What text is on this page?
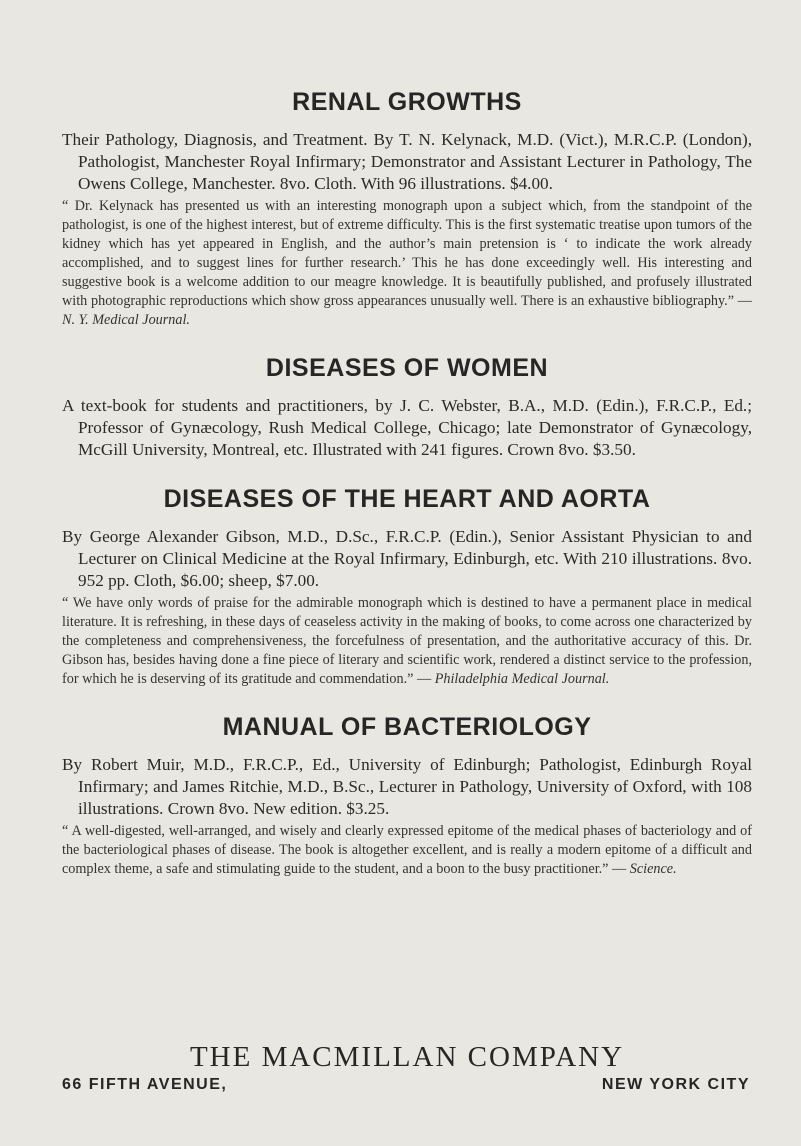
RENAL GROWTHS

Their Pathology, Diagnosis, and Treatment. By T. N. Kelynack, M.D. (Vict.), M.R.C.P. (London), Pathologist, Manchester Royal Infirmary; Demonstrator and Assistant Lecturer in Pathology, The Owens College, Manchester. 8vo. Cloth. With 96 illustrations. $4.00.

“ Dr. Kelynack has presented us with an interesting monograph upon a subject which, from the standpoint of the pathologist, is one of the highest interest, but of extreme difficulty. This is the first systematic treatise upon tumors of the kidney which has yet appeared in English, and the author’s main pretension is ‘ to indicate the work already accomplished, and to suggest lines for further research.’ This he has done exceedingly well. His interesting and suggestive book is a welcome addition to our meagre knowledge. It is beautifully published, and profusely illustrated with photographic reproductions which show gross appearances unusually well. There is an exhaustive bibliography.” — N. Y. Medical Journal.

DISEASES OF WOMEN

A text-book for students and practitioners, by J. C. Webster, B.A., M.D. (Edin.), F.R.C.P., Ed.; Professor of Gynæcology, Rush Medical College, Chicago; late Demonstrator of Gynæcology, McGill University, Montreal, etc. Illustrated with 241 figures. Crown 8vo. $3.50.

DISEASES OF THE HEART AND AORTA

By George Alexander Gibson, M.D., D.Sc., F.R.C.P. (Edin.), Senior Assistant Physician to and Lecturer on Clinical Medicine at the Royal Infirmary, Edinburgh, etc. With 210 illustrations. 8vo. 952 pp. Cloth, $6.00; sheep, $7.00.

“ We have only words of praise for the admirable monograph which is destined to have a permanent place in medical literature. It is refreshing, in these days of ceaseless activity in the making of books, to come across one characterized by the completeness and comprehensiveness, the forcefulness of presentation, and the authoritative accuracy of this. Dr. Gibson has, besides having done a fine piece of literary and scientific work, rendered a distinct service to the profession, for which he is deserving of its gratitude and commendation.” — Philadelphia Medical Journal.

MANUAL OF BACTERIOLOGY

By Robert Muir, M.D., F.R.C.P., Ed., University of Edinburgh; Pathologist, Edinburgh Royal Infirmary; and James Ritchie, M.D., B.Sc., Lecturer in Pathology, University of Oxford, with 108 illustrations. Crown 8vo. New edition. $3.25.

“ A well-digested, well-arranged, and wisely and clearly expressed epitome of the medical phases of bacteriology and of the bacteriological phases of disease. The book is altogether excellent, and is really a modern epitome of a difficult and complex theme, a safe and stimulating guide to the student, and a boon to the busy practitioner.” — Science.

THE MACMILLAN COMPANY

66 FIFTH AVENUE,	NEW YORK CITY
